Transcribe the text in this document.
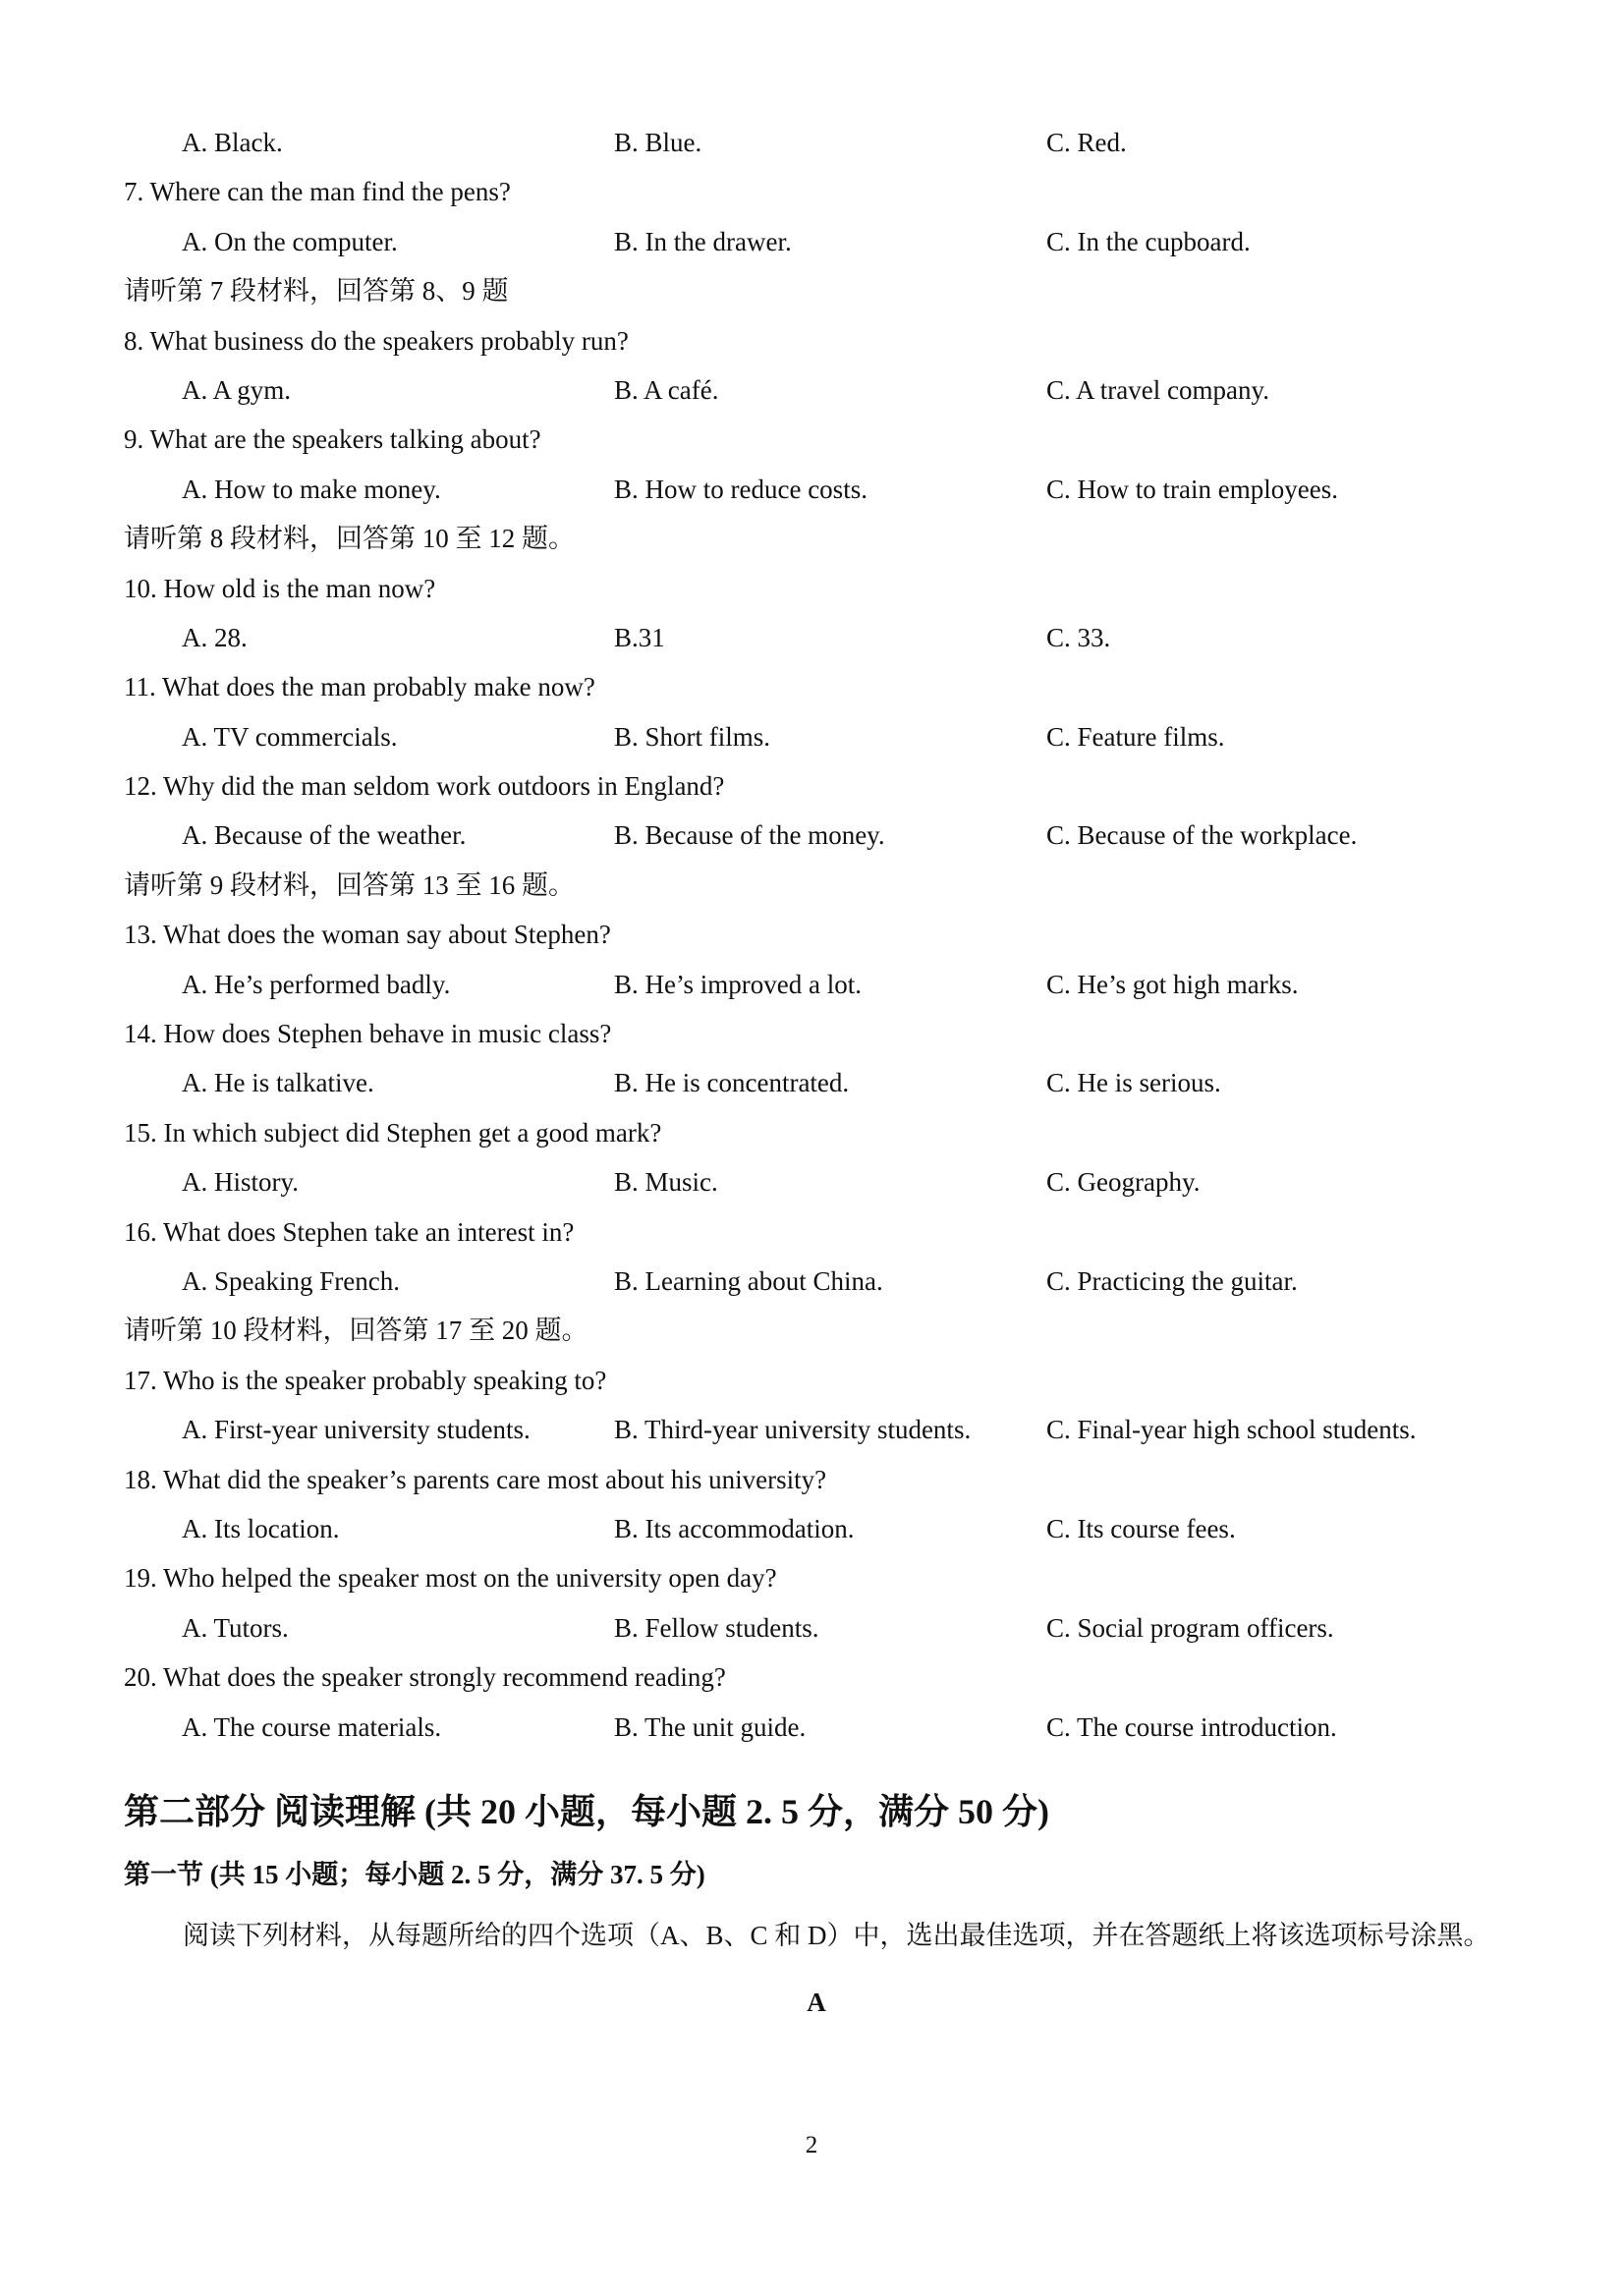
A. Black.	B. Blue.	C. Red.
7. Where can the man find the pens?
A. On the computer.	B. In the drawer.	C. In the cupboard.
请听第 7 段材料，回答第 8、9 题
8. What business do the speakers probably run?
A. A gym.	B. A café.	C. A travel company.
9. What are the speakers talking about?
A. How to make money.	B. How to reduce costs.	C. How to train employees.
请听第 8 段材料，回答第 10 至 12 题。
10. How old is the man now?
A. 28.	B.31	C. 33.
11. What does the man probably make now?
A. TV commercials.	B. Short films.	C. Feature films.
12. Why did the man seldom work outdoors in England?
A. Because of the weather.	B. Because of the money.	C. Because of the workplace.
请听第 9 段材料，回答第 13 至 16 题。
13. What does the woman say about Stephen?
A. He’s performed badly.	B. He’s improved a lot.	C. He’s got high marks.
14. How does Stephen behave in music class?
A. He is talkative.	B. He is concentrated.	C. He is serious.
15. In which subject did Stephen get a good mark?
A. History.	B. Music.	C. Geography.
16. What does Stephen take an interest in?
A. Speaking French.	B. Learning about China.	C. Practicing the guitar.
请听第 10 段材料，回答第 17 至 20 题。
17. Who is the speaker probably speaking to?
A. First-year university students.	B. Third-year university students.	C. Final-year high school students.
18. What did the speaker’s parents care most about his university?
A. Its location.	B. Its accommodation.	C. Its course fees.
19. Who helped the speaker most on the university open day?
A. Tutors.	B. Fellow students.	C. Social program officers.
20. What does the speaker strongly recommend reading?
A. The course materials.	B. The unit guide.	C. The course introduction.
第二部分 阅读理解 (共 20 小题，每小题 2. 5 分，满分 50 分)
第一节 (共 15 小题；每小题 2. 5 分，满分 37. 5 分)
阅读下列材料，从每题所给的四个选项（A、B、C 和 D）中，选出最佳选项，并在答题纸上将该选项标号涂黑。
A
2
